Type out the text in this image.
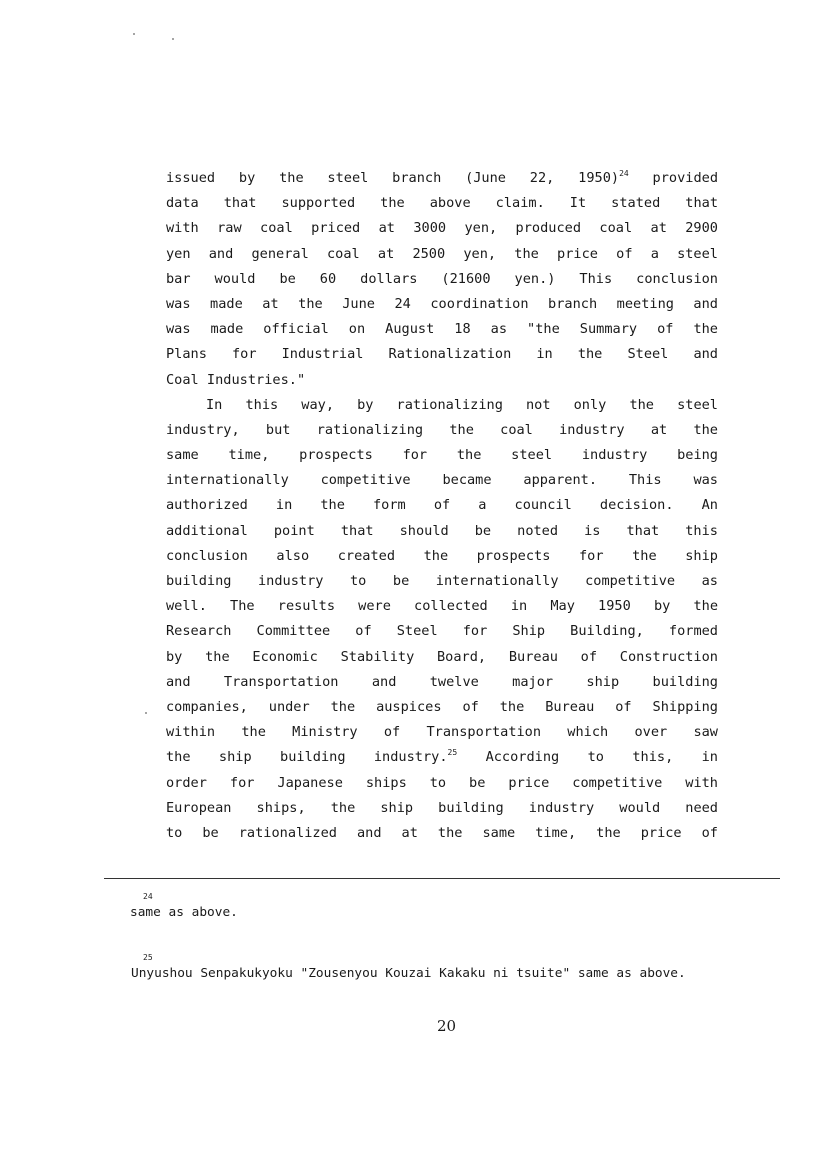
issued by the steel branch (June 22, 1950)$^{24}$ provided
data that supported the above claim. It stated that
with raw coal priced at 3000 yen, produced coal at 2900
yen and general coal at 2500 yen, the price of a steel
bar would be 60 dollars (21600 yen.) This conclusion
was made at the June 24 coordination branch meeting and
was made official on August 18 as "the Summary of the
Plans for Industrial Rationalization in the Steel and
Coal Industries."
In this way, by rationalizing not only the steel
industry, but rationalizing the coal industry at the
same time, prospects for the steel industry being
internationally competitive became apparent. This was
authorized in the form of a council decision. An
additional point that should be noted is that this
conclusion also created the prospects for the ship
building industry to be internationally competitive as
well. The results were collected in May 1950 by the
Research Committee of Steel for Ship Building, formed
by the Economic Stability Board, Bureau of Construction
and Transportation and twelve major ship building
companies, under the auspices of the Bureau of Shipping
within the Ministry of Transportation which over saw
the ship building industry.$^{25}$ According to this, in
order for Japanese ships to be price competitive with
European ships, the ship building industry would need
to be rationalized and at the same time, the price of
24
same as above.
25
Unyushou Senpakukyoku "Zousenyou Kouzai Kakaku ni tsuite" same as above.
20
